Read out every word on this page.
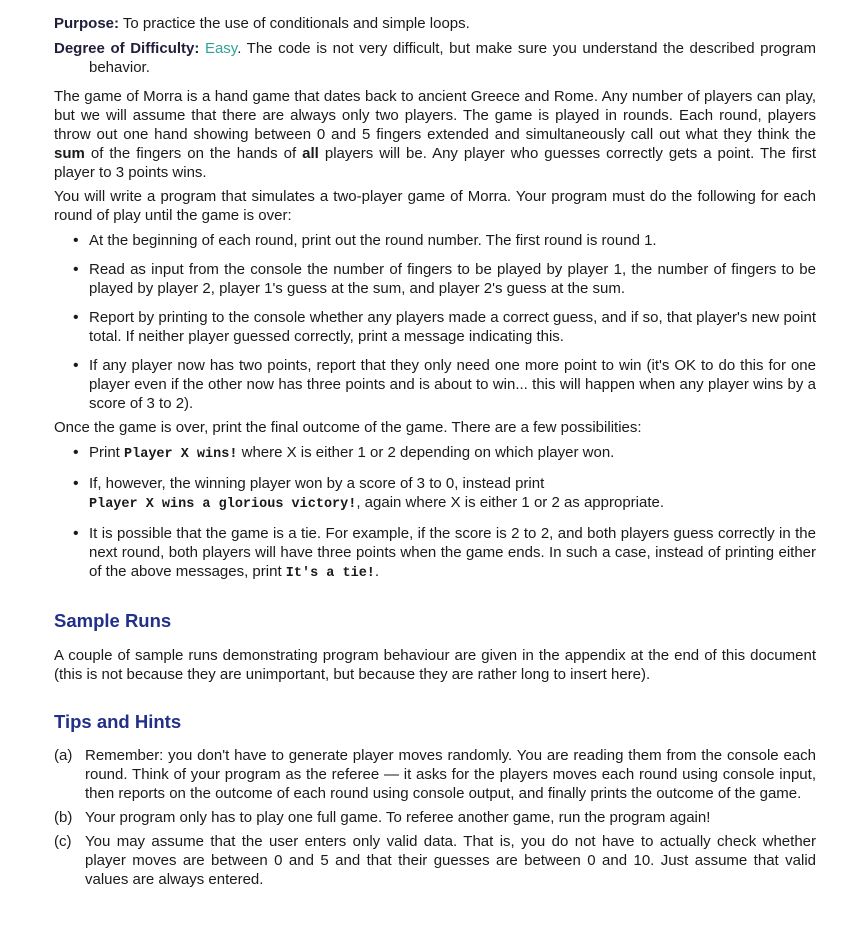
Purpose: To practice the use of conditionals and simple loops.

Degree of Difficulty: Easy. The code is not very difficult, but make sure you understand the described program behavior.

The game of Morra is a hand game that dates back to ancient Greece and Rome. Any number of players can play, but we will assume that there are always only two players. The game is played in rounds. Each round, players throw out one hand showing between 0 and 5 fingers extended and simultaneously call out what they think the sum of the fingers on the hands of all players will be. Any player who guesses correctly gets a point. The first player to 3 points wins.

You will write a program that simulates a two-player game of Morra. Your program must do the following for each round of play until the game is over:

• At the beginning of each round, print out the round number. The first round is round 1.
• Read as input from the console the number of fingers to be played by player 1, the number of fingers to be played by player 2, player 1's guess at the sum, and player 2's guess at the sum.
• Report by printing to the console whether any players made a correct guess, and if so, that player's new point total. If neither player guessed correctly, print a message indicating this.
• If any player now has two points, report that they only need one more point to win (it's OK to do this for one player even if the other now has three points and is about to win... this will happen when any player wins by a score of 3 to 2).

Once the game is over, print the final outcome of the game. There are a few possibilities:

• Print Player X wins! where X is either 1 or 2 depending on which player won.
• If, however, the winning player won by a score of 3 to 0, instead print
Player X wins a glorious victory!, again where X is either 1 or 2 as appropriate.
• It is possible that the game is a tie. For example, if the score is 2 to 2, and both players guess correctly in the next round, both players will have three points when the game ends. In such a case, instead of printing either of the above messages, print It's a tie!.
Sample Runs

A couple of sample runs demonstrating program behaviour are given in the appendix at the end of this document (this is not because they are unimportant, but because they are rather long to insert here).

Tips and Hints
(a) Remember: you don't have to generate player moves randomly. You are reading them from the console each round. Think of your program as the referee — it asks for the players moves each round using console input, then reports on the outcome of each round using console output, and finally prints the outcome of the game.
(b) Your program only has to play one full game. To referee another game, run the program again!
(c) You may assume that the user enters only valid data. That is, you do not have to actually check whether player moves are between 0 and 5 and that their guesses are between 0 and 10. Just assume that valid values are always entered.
